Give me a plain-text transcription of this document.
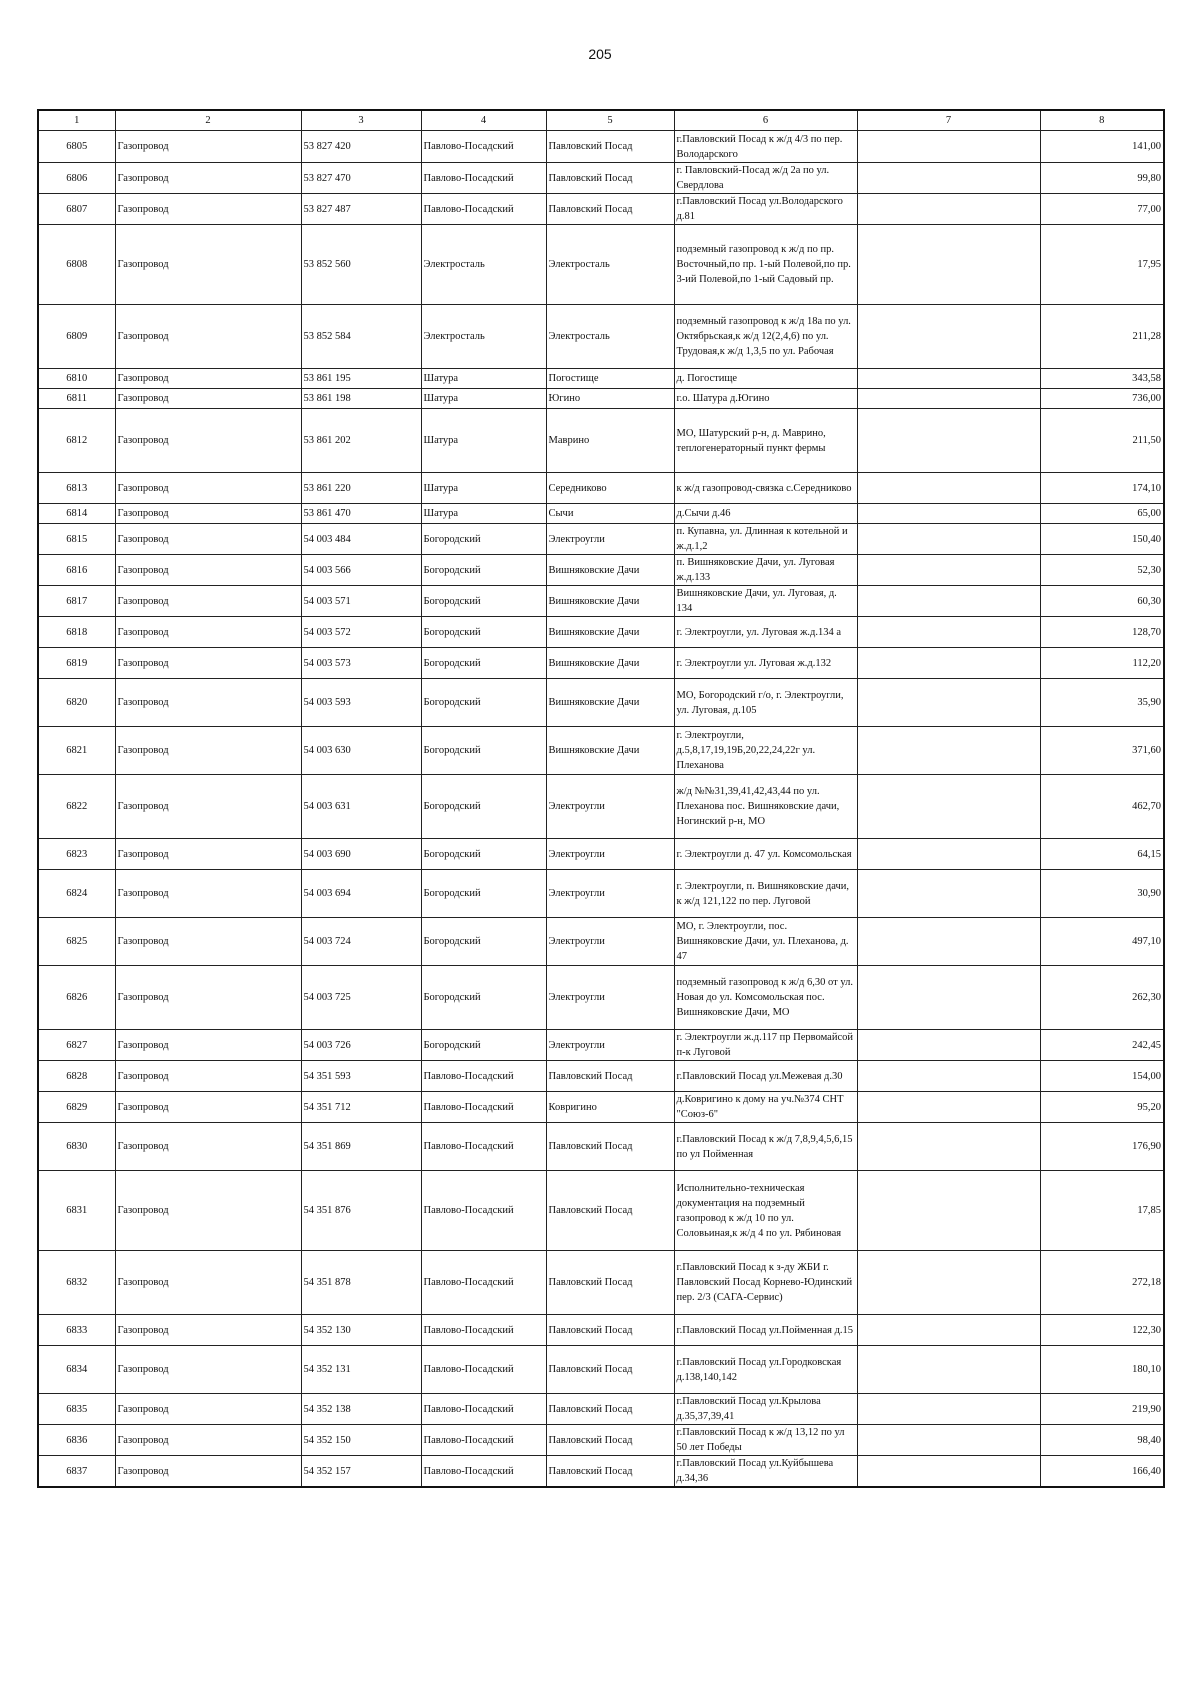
205
1	2	3	4	5	6	7	8
6805	Газопровод	53 827 420	Павлово-Посадский	Павловский Посад	г.Павловский Посад к ж/д 4/3 по пер. Володарского		141,00
6806	Газопровод	53 827 470	Павлово-Посадский	Павловский Посад	г. Павловский-Посад ж/д 2а по ул. Свердлова		99,80
6807	Газопровод	53 827 487	Павлово-Посадский	Павловский Посад	г.Павловский Посад ул.Володарского д.81		77,00
6808	Газопровод	53 852 560	Электросталь	Электросталь	подземный газопровод к ж/д по пр. Восточный,по пр. 1-ый Полевой,по пр. 3-ий Полевой,по 1-ый Садовый пр.		17,95
6809	Газопровод	53 852 584	Электросталь	Электросталь	подземный газопровод к ж/д 18а по ул. Октябрьская,к ж/д 12(2,4,6) по ул. Трудовая,к ж/д 1,3,5 по ул. Рабочая		211,28
6810	Газопровод	53 861 195	Шатура	Погостище	д. Погостище		343,58
6811	Газопровод	53 861 198	Шатура	Югино	г.о. Шатура д.Югино		736,00
6812	Газопровод	53 861 202	Шатура	Маврино	МО, Шатурский р-н, д. Маврино, теплогенераторный пункт фермы		211,50
6813	Газопровод	53 861 220	Шатура	Середниково	к ж/д газопровод-связка с.Середниково		174,10
6814	Газопровод	53 861 470	Шатура	Сычи	д.Сычи д.46		65,00
6815	Газопровод	54 003 484	Богородский	Электроугли	п. Купавна, ул. Длинная к котельной и ж.д.1,2		150,40
6816	Газопровод	54 003 566	Богородский	Вишняковские Дачи	п. Вишняковские Дачи, ул. Луговая ж.д.133		52,30
6817	Газопровод	54 003 571	Богородский	Вишняковские Дачи	Вишняковские Дачи, ул. Луговая, д. 134		60,30
6818	Газопровод	54 003 572	Богородский	Вишняковские Дачи	г. Электроугли, ул. Луговая ж.д.134 а		128,70
6819	Газопровод	54 003 573	Богородский	Вишняковские Дачи	г. Электроугли ул. Луговая ж.д.132		112,20
6820	Газопровод	54 003 593	Богородский	Вишняковские Дачи	МО, Богородский г/о, г. Электроугли, ул. Луговая, д.105		35,90
6821	Газопровод	54 003 630	Богородский	Вишняковские Дачи	г. Электроугли, д.5,8,17,19,19Б,20,22,24,22г ул. Плеханова		371,60
6822	Газопровод	54 003 631	Богородский	Электроугли	ж/д №№31,39,41,42,43,44 по ул. Плеханова пос. Вишняковские дачи, Ногинский р-н, МО		462,70
6823	Газопровод	54 003 690	Богородский	Электроугли	г. Электроугли д. 47 ул. Комсомольская		64,15
6824	Газопровод	54 003 694	Богородский	Электроугли	г. Электроугли, п. Вишняковские дачи, к ж/д 121,122 по пер. Луговой		30,90
6825	Газопровод	54 003 724	Богородский	Электроугли	МО, г. Электроугли, пос. Вишняковские Дачи, ул. Плеханова, д. 47		497,10
6826	Газопровод	54 003 725	Богородский	Электроугли	подземный газопровод к ж/д 6,30 от ул. Новая до ул. Комсомольская пос. Вишняковские Дачи, МО		262,30
6827	Газопровод	54 003 726	Богородский	Электроугли	г. Электроугли ж.д.117 пр Первомайсой п-к Луговой		242,45
6828	Газопровод	54 351 593	Павлово-Посадский	Павловский Посад	г.Павловский Посад ул.Межевая д.30		154,00
6829	Газопровод	54 351 712	Павлово-Посадский	Ковригино	д.Ковригино к дому на уч.№374 СНТ "Союз-6"		95,20
6830	Газопровод	54 351 869	Павлово-Посадский	Павловский Посад	г.Павловский Посад к ж/д 7,8,9,4,5,6,15 по ул Пойменная		176,90
6831	Газопровод	54 351 876	Павлово-Посадский	Павловский Посад	Исполнительно-техническая документация на подземный газопровод к ж/д 10 по ул. Соловьиная,к ж/д 4 по ул. Рябиновая		17,85
6832	Газопровод	54 351 878	Павлово-Посадский	Павловский Посад	г.Павловский Посад к з-ду ЖБИ г. Павловский Посад Корнево-Юдинский пер. 2/3 (САГА-Сервис)		272,18
6833	Газопровод	54 352 130	Павлово-Посадский	Павловский Посад	г.Павловский Посад ул.Пойменная д.15		122,30
6834	Газопровод	54 352 131	Павлово-Посадский	Павловский Посад	г.Павловский Посад ул.Городковская д.138,140,142		180,10
6835	Газопровод	54 352 138	Павлово-Посадский	Павловский Посад	г.Павловский Посад ул.Крылова д.35,37,39,41		219,90
6836	Газопровод	54 352 150	Павлово-Посадский	Павловский Посад	г.Павловский Посад к ж/д 13,12 по ул 50 лет Победы		98,40
6837	Газопровод	54 352 157	Павлово-Посадский	Павловский Посад	г.Павловский Посад ул.Куйбышева д.34,36		166,40
